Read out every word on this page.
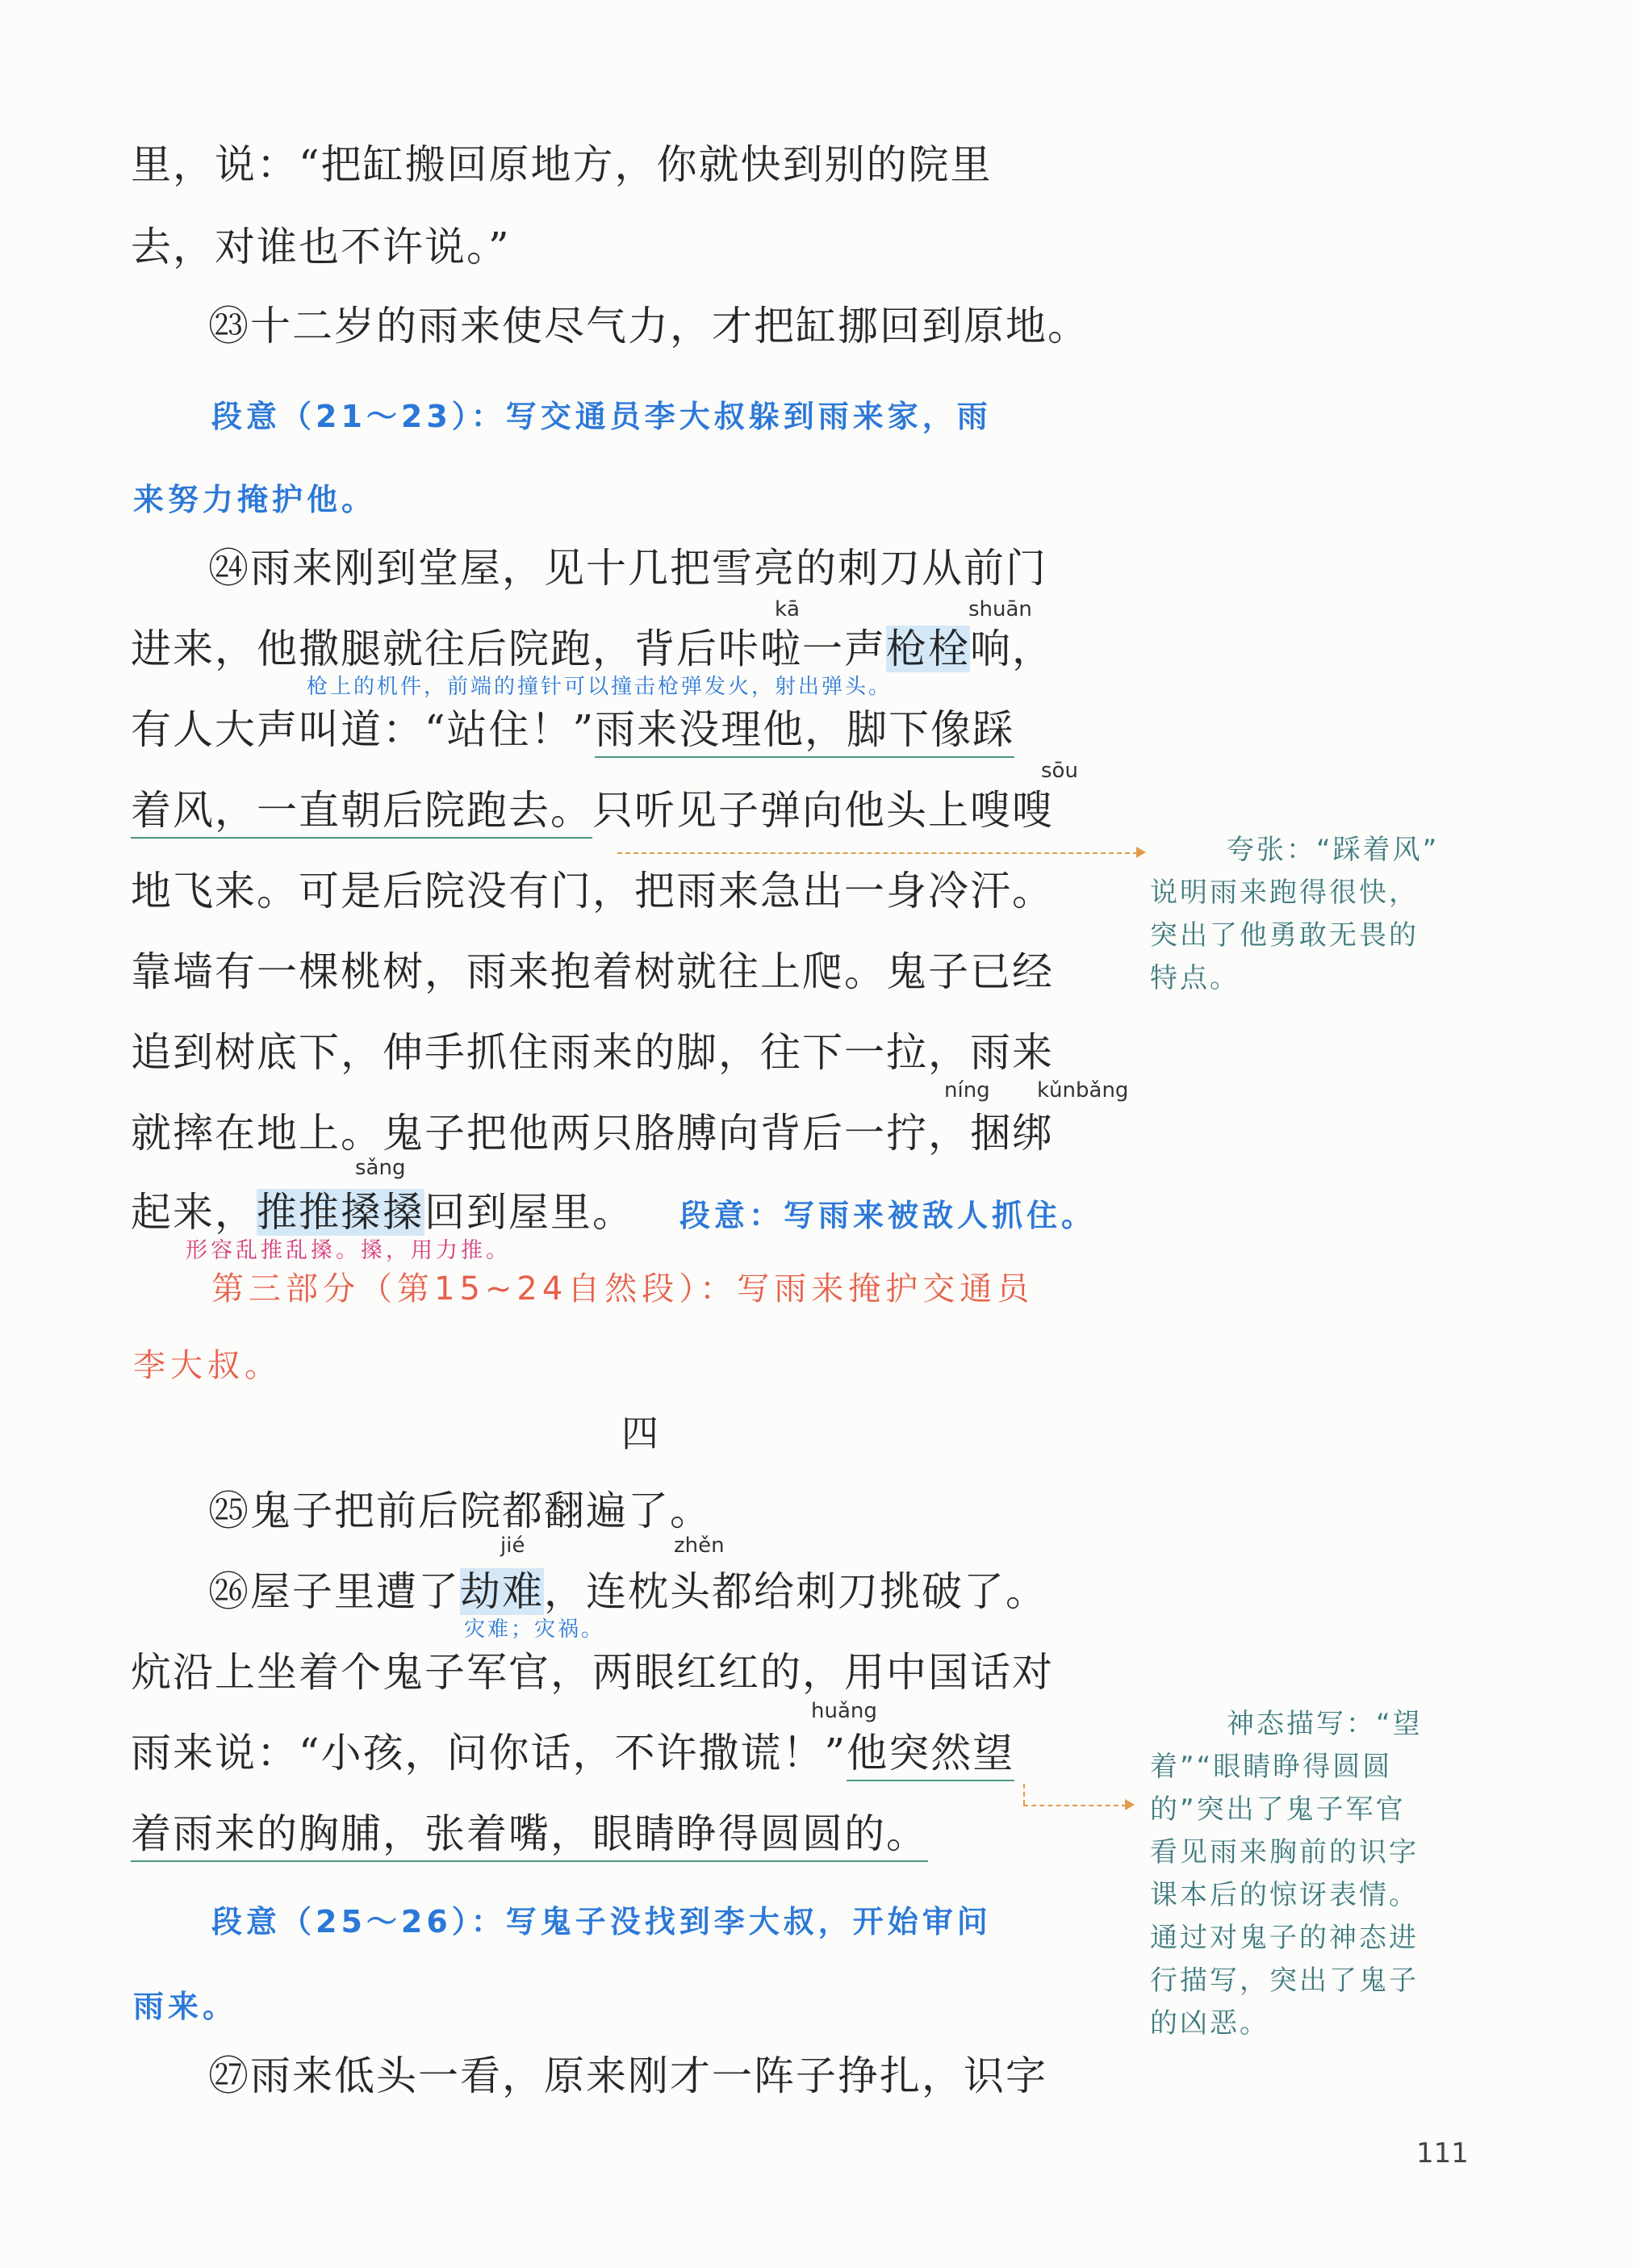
里，说：“把缸搬回原地方，你就快到别的院里
去，对谁也不许说。”
㉓十二岁的雨来使尽气力，才把缸挪回到原地。
段意（21～23）：写交通员李大叔躲到雨来家，雨
来努力掩护他。
㉔雨来刚到堂屋，见十几把雪亮的刺刀从前门
kā	shuān
进来，他撒腿就往后院跑，背后咔啦一声枪栓响，
枪上的机件，前端的撞针可以撞击枪弹发火，射出弹头。
有人大声叫道：“站住！”雨来没理他，脚下像踩
sōu
着风，一直朝后院跑去。只听见子弹向他头上嗖嗖
地飞来。可是后院没有门，把雨来急出一身冷汗。
靠墙有一棵桃树，雨来抱着树就往上爬。鬼子已经
追到树底下，伸手抓住雨来的脚，往下一拉，雨来
níng kǔnbǎng
就摔在地上。鬼子把他两只胳膊向背后一拧，捆绑
sǎng
起来，推推搡搡回到屋里。	段意：写雨来被敌人抓住。
形容乱推乱搡。搡，用力推。
第三部分（第15~24自然段）：写雨来掩护交通员
李大叔。
四
㉕鬼子把前后院都翻遍了。
jié	zhěn
㉖屋子里遭了劫难，连枕头都给刺刀挑破了。
灾难；灾祸。
炕沿上坐着个鬼子军官，两眼红红的，用中国话对
huǎng
雨来说：“小孩，问你话，不许撒谎！”他突然望
着雨来的胸脯，张着嘴，眼睛睁得圆圆的。
段意（25～26）：写鬼子没找到李大叔，开始审问
雨来。
㉗雨来低头一看，原来刚才一阵子挣扎，识字
夸张：“踩着风”
说明雨来跑得很快，
突出了他勇敢无畏的
特点。
神态描写：“望
着”“眼睛睁得圆圆
的”突出了鬼子军官
看见雨来胸前的识字
课本后的惊讶表情。
通过对鬼子的神态进
行描写，突出了鬼子
的凶恶。
111
